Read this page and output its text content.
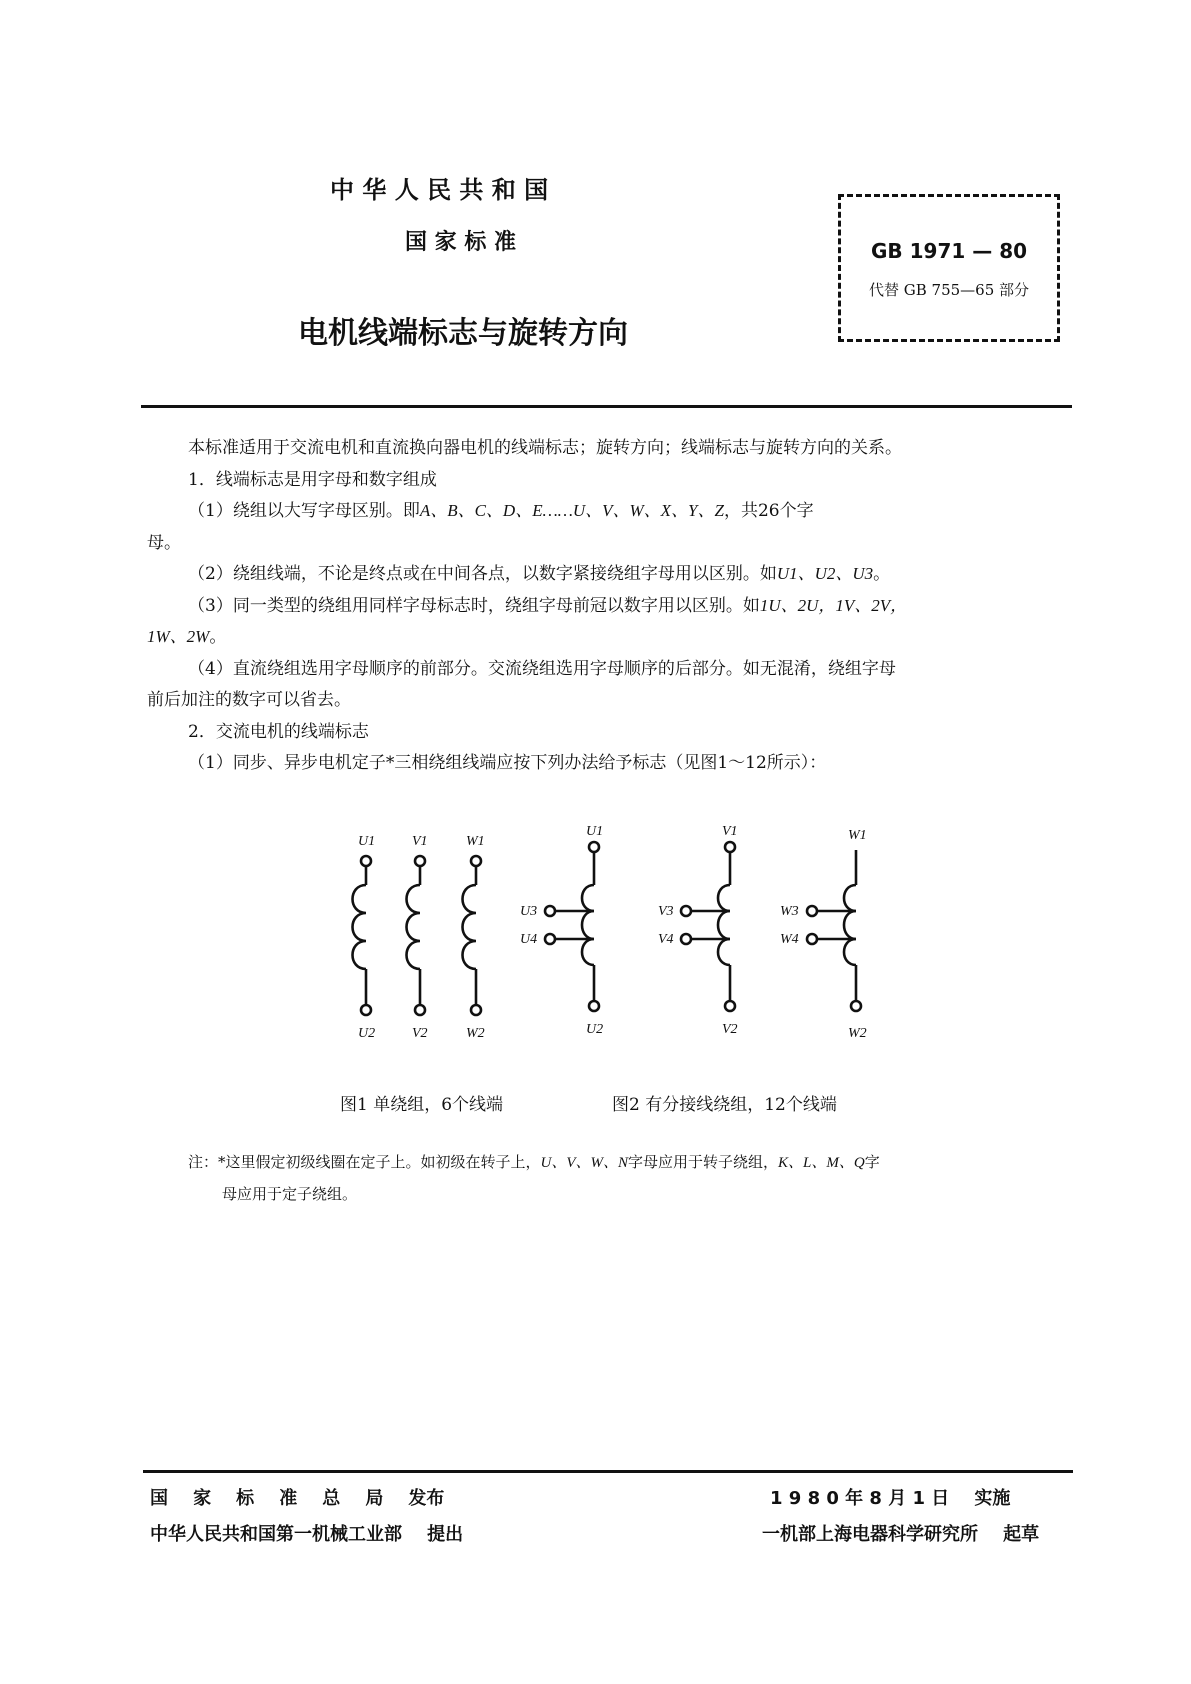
中 华 人 民 共 和 国
国 家 标 准
电机线端标志与旋转方向
GB 1971 — 80
代替 GB 755—65 部分
本标准适用于交流电机和直流换向器电机的线端标志；旋转方向；线端标志与旋转方向的关系。
1．线端标志是用字母和数字组成
（1）绕组以大写字母区别。即A、B、C、D、E……U、V、W、X、Y、Z，共26个字
母。
（2）绕组线端，不论是终点或在中间各点，以数字紧接绕组字母用以区别。如U1、U2、U3。
（3）同一类型的绕组用同样字母标志时，绕组字母前冠以数字用以区别。如1U、2U，1V、2V，
1W、2W。
（4）直流绕组选用字母顺序的前部分。交流绕组选用字母顺序的后部分。如无混淆，绕组字母
前后加注的数字可以省去。
2．交流电机的线端标志
（1）同步、异步电机定子*三相绕组线端应按下列办法给予标志（见图1～12所示）：
U1	V1	W1
U2	V2	W2
U1
U3
U4
U2
V1
V3
V4
V2
W1
W3
W4
W2
图1 单绕组，6个线端	图2 有分接线绕组，12个线端
注：*这里假定初级线圈在定子上。如初级在转子上，U、V、W、N字母应用于转子绕组，K、L、M、Q字
母应用于定子绕组。
国    家    标    准    总    局    发布
中华人民共和国第一机械工业部    提出
1 9 8 0 年 8 月 1 日    实施
一机部上海电器科学研究所    起草
